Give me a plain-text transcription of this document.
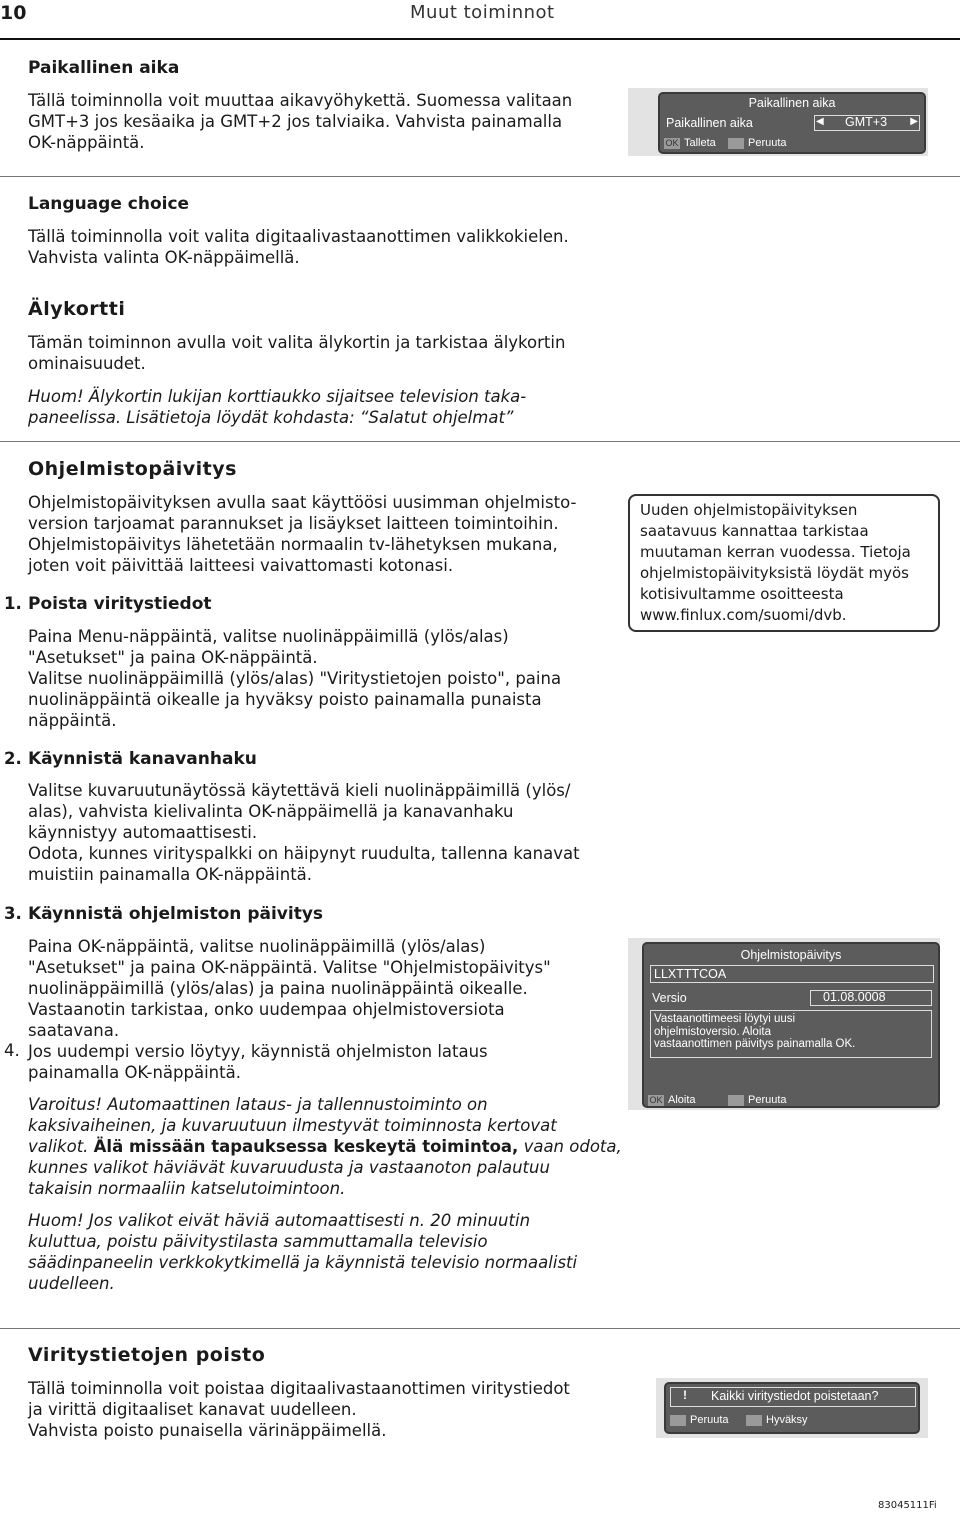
10	Muut toiminnot
Paikallinen aika
Tällä toiminnolla voit muuttaa aikavyöhykettä. Suomessa valitaan
GMT+3 jos kesäaika ja GMT+2 jos talviaika. Vahvista painamalla
OK-näppäintä.
Paikallinen aika
Paikallinen aika	◀ GMT+3 ▶
OK Talleta	Peruuta
Language choice
Tällä toiminnolla voit valita digitaalivastaanottimen valikkokielen.
Vahvista valinta OK-näppäimellä.
Älykortti
Tämän toiminnon avulla voit valita älykortin ja tarkistaa älykortin
ominaisuudet.
Huom! Älykortin lukijan korttiaukko sijaitsee television taka-
paneelissa. Lisätietoja löydät kohdasta: “Salatut ohjelmat”
Ohjelmistopäivitys
Ohjelmistopäivityksen avulla saat käyttöösi uusimman ohjelmisto-
version tarjoamat parannukset ja lisäykset laitteen toimintoihin.
Ohjelmistopäivitys lähetetään normaalin tv-lähetyksen mukana,
joten voit päivittää laitteesi vaivattomasti kotonasi.
Uuden ohjelmistopäivityksen
saatavuus kannattaa tarkistaa
muutaman kerran vuodessa. Tietoja
ohjelmistopäivityksistä löydät myös
kotisivultamme osoitteesta
www.finlux.com/suomi/dvb.
1. Poista viritystiedot
Paina Menu-näppäintä, valitse nuolinäppäimillä (ylös/alas)
"Asetukset" ja paina OK-näppäintä.
Valitse nuolinäppäimillä (ylös/alas) "Viritystietojen poisto", paina
nuolinäppäintä oikealle ja hyväksy poisto painamalla punaista
näppäintä.
2. Käynnistä kanavanhaku
Valitse kuvaruutunäytössä käytettävä kieli nuolinäppäimillä (ylös/
alas), vahvista kielivalinta OK-näppäimellä ja kanavanhaku
käynnistyy automaattisesti.
Odota, kunnes virityspalkki on häipynyt ruudulta, tallenna kanavat
muistiin painamalla OK-näppäintä.
3. Käynnistä ohjelmiston päivitys
Paina OK-näppäintä, valitse nuolinäppäimillä (ylös/alas)
"Asetukset" ja paina OK-näppäintä. Valitse "Ohjelmistopäivitys"
nuolinäppäimillä (ylös/alas) ja paina nuolinäppäintä oikealle.
Vastaanotin tarkistaa, onko uudempaa ohjelmistoversiota
saatavana.
4. Jos uudempi versio löytyy, käynnistä ohjelmiston lataus
painamalla OK-näppäintä.
Varoitus! Automaattinen lataus- ja tallennustoiminto on
kaksivaiheinen, ja kuvaruutuun ilmestyvät toiminnosta kertovat
valikot. Älä missään tapauksessa keskeytä toimintoa, vaan odota,
kunnes valikot häviävät kuvaruudusta ja vastaanoton palautuu
takaisin normaaliin katselutoimintoon.
Huom! Jos valikot eivät häviä automaattisesti n. 20 minuutin
kuluttua, poistu päivitystilasta sammuttamalla televisio
säädinpaneelin verkkokytkimellä ja käynnistä televisio normaalisti
uudelleen.
Ohjelmistopäivitys
LLXTTTCOA
Versio	01.08.0008
Vastaanottimeesi löytyi uusi
ohjelmistoversio. Aloita
vastaanottimen päivitys painamalla OK.
OK Aloita	Peruuta
Viritystietojen poisto
Tällä toiminnolla voit poistaa digitaalivastaanottimen viritystiedot
ja virittä digitaaliset kanavat uudelleen.
Vahvista poisto punaisella värinäppäimellä.
! Kaikki viritystiedot poistetaan?
Peruuta	Hyväksy
83045111Fi
